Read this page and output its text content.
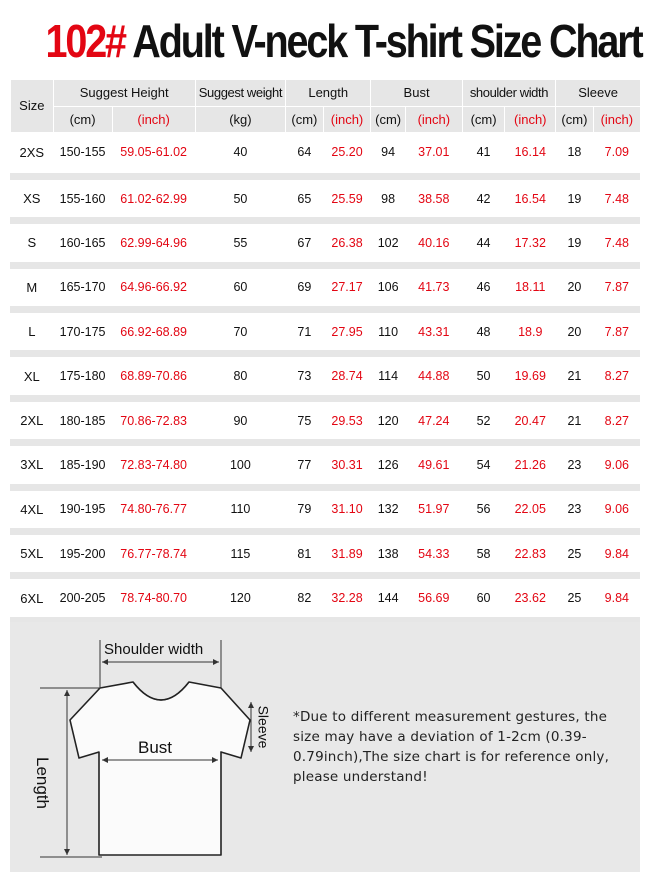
102# Adult V-neck T-shirt Size Chart
Size	Suggest Height		Suggest weight	Length		Bust		shoulder width		Sleeve	
	(cm)	(inch)	(kg)	(cm)	(inch)	(cm)	(inch)	(cm)	(inch)	(cm)	(inch)
2XS	150-155	59.05-61.02	40	64	25.20	94	37.01	41	16.14	18	7.09
XS	155-160	61.02-62.99	50	65	25.59	98	38.58	42	16.54	19	7.48
S	160-165	62.99-64.96	55	67	26.38	102	40.16	44	17.32	19	7.48
M	165-170	64.96-66.92	60	69	27.17	106	41.73	46	18.11	20	7.87
L	170-175	66.92-68.89	70	71	27.95	110	43.31	48	18.9	20	7.87
XL	175-180	68.89-70.86	80	73	28.74	114	44.88	50	19.69	21	8.27
2XL	180-185	70.86-72.83	90	75	29.53	120	47.24	52	20.47	21	8.27
3XL	185-190	72.83-74.80	100	77	30.31	126	49.61	54	21.26	23	9.06
4XL	190-195	74.80-76.77	110	79	31.10	132	51.97	56	22.05	23	9.06
5XL	195-200	76.77-78.74	115	81	31.89	138	54.33	58	22.83	25	9.84
6XL	200-205	78.74-80.70	120	82	32.28	144	56.69	60	23.62	25	9.84
Shoulder width
Bust	Sleeve
Length
*Due to different measurement gestures, the size may have a deviation of 1-2cm (0.39-0.79inch),The size chart is for reference only, please understand!
